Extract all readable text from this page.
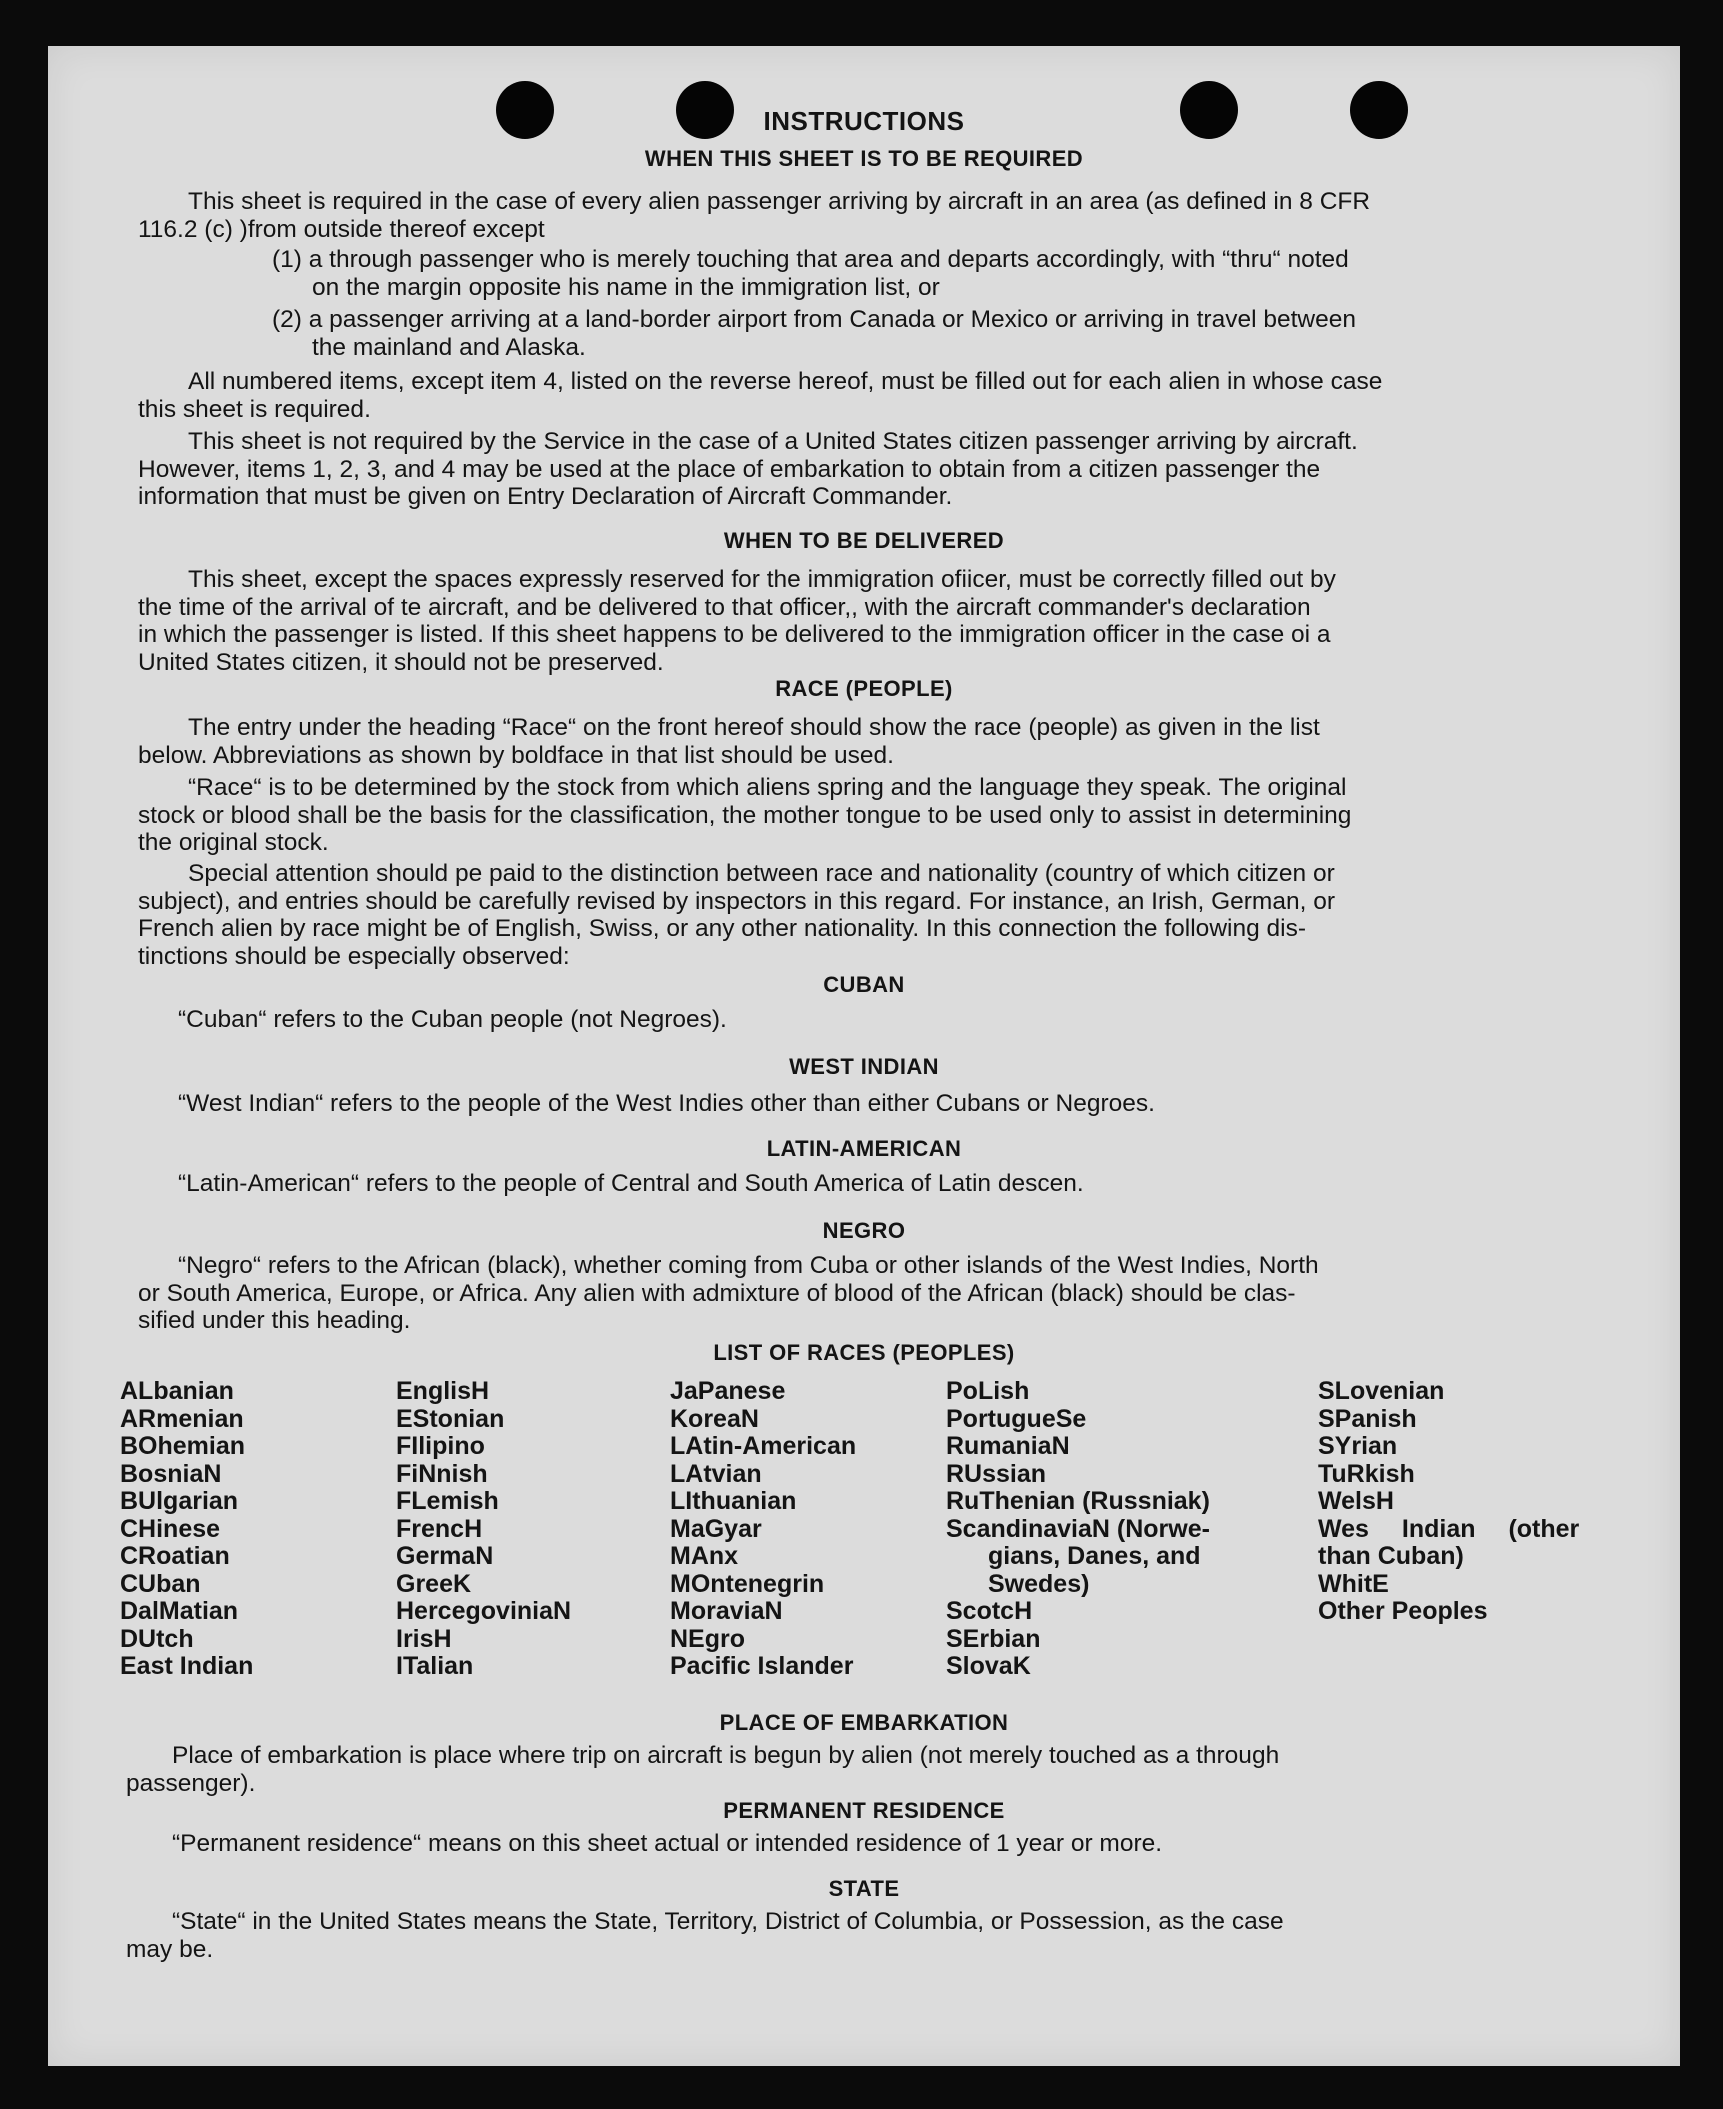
INSTRUCTIONS
WHEN THIS SHEET IS TO BE REQUIRED
This sheet is required in the case of every alien passenger arriving by aircraft in an area (as defined in 8 CFR
116.2 (c) )from outside thereof except
(1) a through passenger who is merely touching that area and departs accordingly, with “thru“ noted
on the margin opposite his name in the immigration list, or
(2) a passenger arriving at a land-border airport from Canada or Mexico or arriving in travel between
the mainland and Alaska.
All numbered items, except item 4, listed on the reverse hereof, must be filled out for each alien in whose case
this sheet is required.
This sheet is not required by the Service in the case of a United States citizen passenger arriving by aircraft.
However, items 1, 2, 3, and 4 may be used at the place of embarkation to obtain from a citizen passenger the
information that must be given on Entry Declaration of Aircraft Commander.
WHEN TO BE DELIVERED
This sheet, except the spaces expressly reserved for the immigration ofiicer, must be correctly filled out by
the time of the arrival of te aircraft, and be delivered to that officer,, with the aircraft commander's declaration
in which the passenger is listed. If this sheet happens to be delivered to the immigration officer in the case oi a
United States citizen, it should not be preserved.
RACE (PEOPLE)
The entry under the heading “Race“ on the front hereof should show the race (people) as given in the list
below. Abbreviations as shown by boldface in that list should be used.
“Race“ is to be determined by the stock from which aliens spring and the language they speak. The original
stock or blood shall be the basis for the classification, the mother tongue to be used only to assist in determining
the original stock.
Special attention should pe paid to the distinction between race and nationality (country of which citizen or
subject), and entries should be carefully revised by inspectors in this regard. For instance, an Irish, German, or
French alien by race might be of English, Swiss, or any other nationality. In this connection the following dis-
tinctions should be especially observed:
CUBAN
“Cuban“ refers to the Cuban people (not Negroes).
WEST INDIAN
“West Indian“ refers to the people of the West Indies other than either Cubans or Negroes.
LATIN-AMERICAN
“Latin-American“ refers to the people of Central and South America of Latin descen.
NEGRO
“Negro“ refers to the African (black), whether coming from Cuba or other islands of the West Indies, North
or South America, Europe, or Africa. Any alien with admixture of blood of the African (black) should be clas-
sified under this heading.
LIST OF RACES (PEOPLES)
ALbanian
ARmenian
BOhemian
BosniaN
BUlgarian
CHinese
CRoatian
CUban
DalMatian
DUtch
East Indian
EnglisH
EStonian
FIlipino
FiNnish
FLemish
FrencH
GermaN
GreeK
HercegoviniaN
IrisH
ITalian
JaPanese
KoreaN
LAtin-American
LAtvian
LIthuanian
MaGyar
MAnx
MOntenegrin
MoraviaN
NEgro
Pacific Islander
PoLish
PortugueSe
RumaniaN
RUssian
RuThenian (Russniak)
ScandinaviaN (Norwe-
gians, Danes, and
Swedes)
ScotcH
SErbian
SlovaK
SLovenian
SPanish
SYrian
TuRkish
WelsH
Wes Indian (other
than Cuban)
WhitE
Other Peoples
PLACE OF EMBARKATION
Place of embarkation is place where trip on aircraft is begun by alien (not merely touched as a through
passenger).
PERMANENT RESIDENCE
“Permanent residence“ means on this sheet actual or intended residence of 1 year or more.
STATE
“State“ in the United States means the State, Territory, District of Columbia, or Possession, as the case
may be.
